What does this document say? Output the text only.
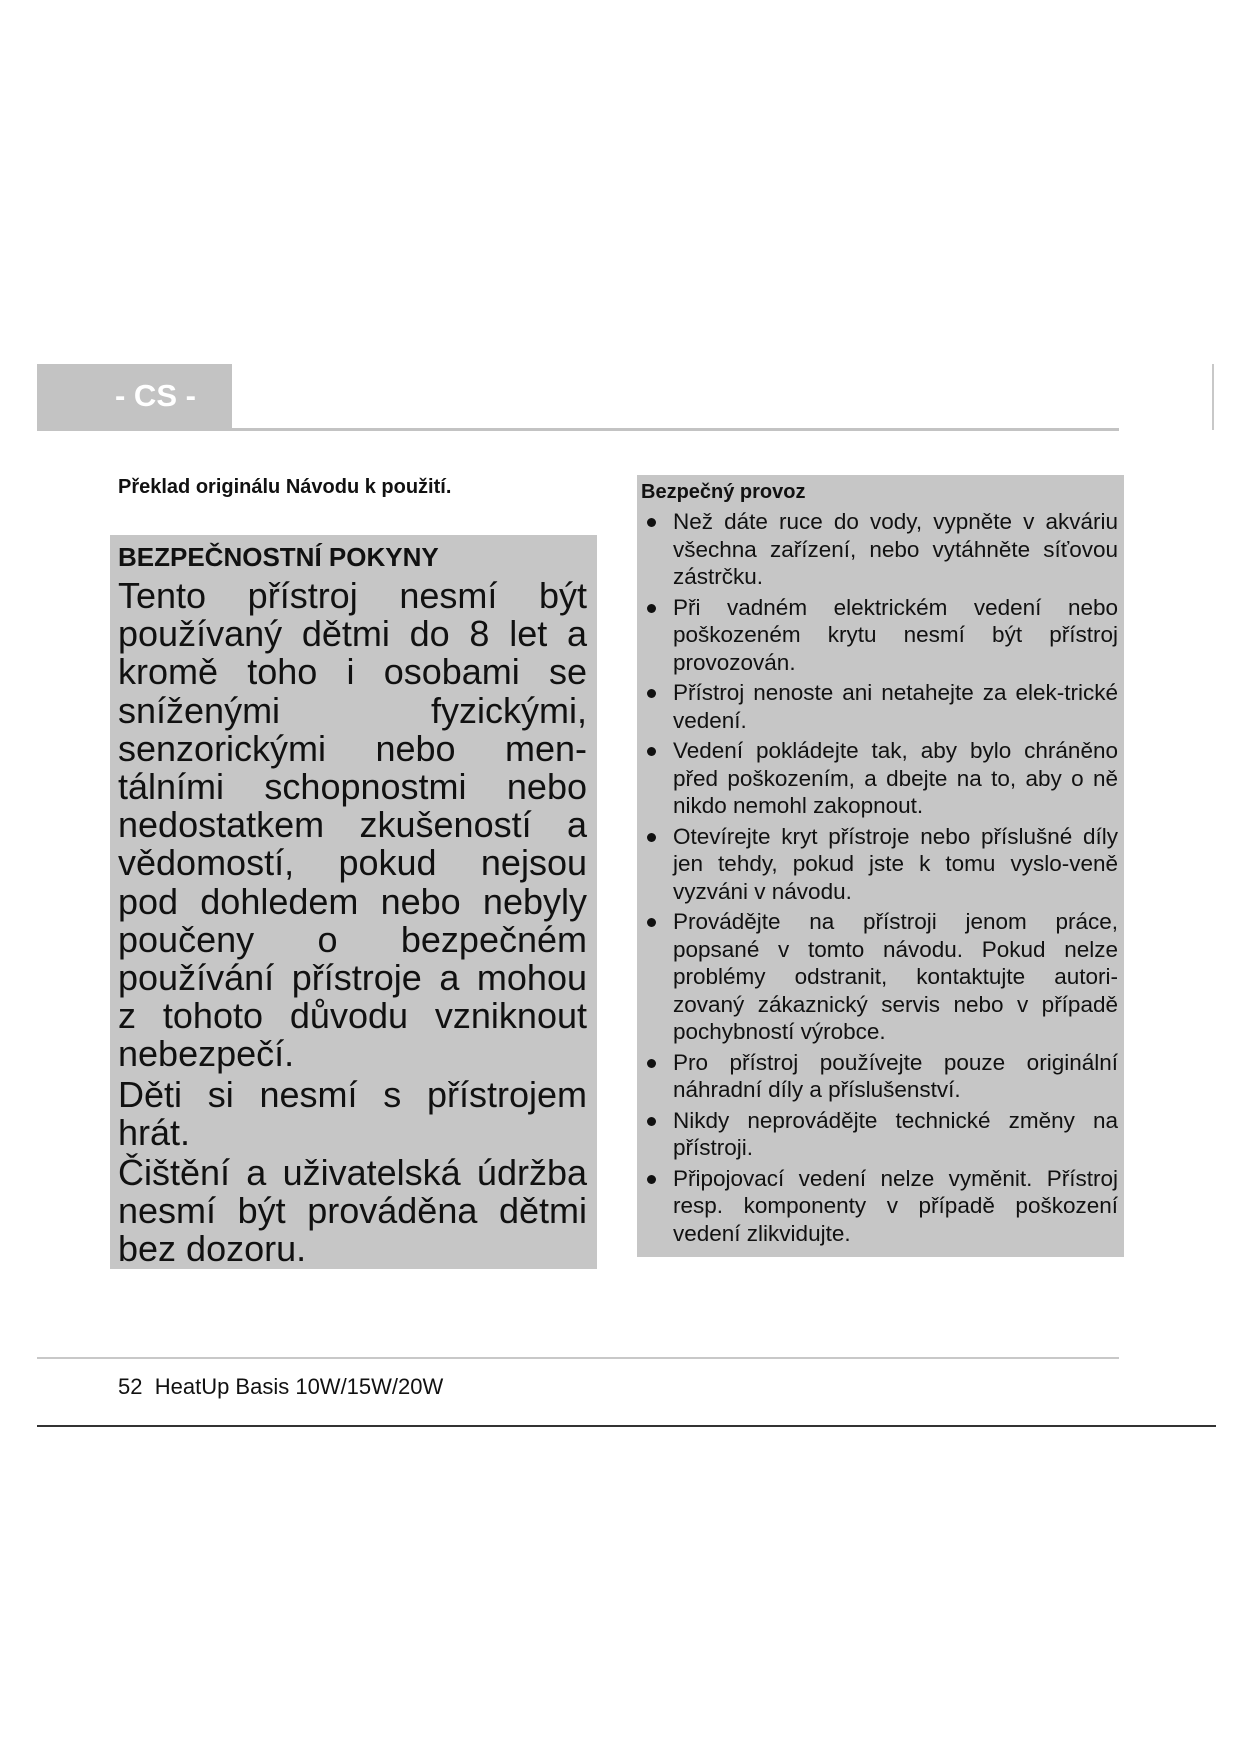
- CS -
Překlad originálu Návodu k použití.
BEZPEČNOSTNÍ POKYNY

Tento přístroj nesmí být používaný dětmi do 8 let a kromě toho i osobami se sníženými fyzickými, senzorickými nebo men-tálními schopnostmi nebo nedostatkem zkušeností a vědomostí, pokud nejsou pod dohledem nebo nebyly poučeny o bezpečném používání přístroje a mohou z tohoto důvodu vzniknout nebezpečí.

Děti si nesmí s přístrojem hrát.

Čištění a uživatelská údržba nesmí být prováděna dětmi bez dozoru.

Bezpečný provoz
Než dáte ruce do vody, vypněte v akváriu všechna zařízení, nebo vytáhněte síťovou zástrčku.
Při vadném elektrickém vedení nebo poškozeném krytu nesmí být přístroj provozován.
Přístroj nenoste ani netahejte za elek-trické vedení.
Vedení pokládejte tak, aby bylo chráněno před poškozením, a dbejte na to, aby o ně nikdo nemohl zakopnout.
Otevírejte kryt přístroje nebo příslušné díly jen tehdy, pokud jste k tomu vyslo-veně vyzváni v návodu.
Provádějte na přístroji jenom práce, popsané v tomto návodu. Pokud nelze problémy odstranit, kontaktujte autori-zovaný zákaznický servis nebo v případě pochybností výrobce.
Pro přístroj používejte pouze originální náhradní díly a příslušenství.
Nikdy neprovádějte technické změny na přístroji.
Připojovací vedení nelze vyměnit. Přístroj resp. komponenty v případě poškození vedení zlikvidujte.
52 HeatUp Basis 10W/15W/20W
